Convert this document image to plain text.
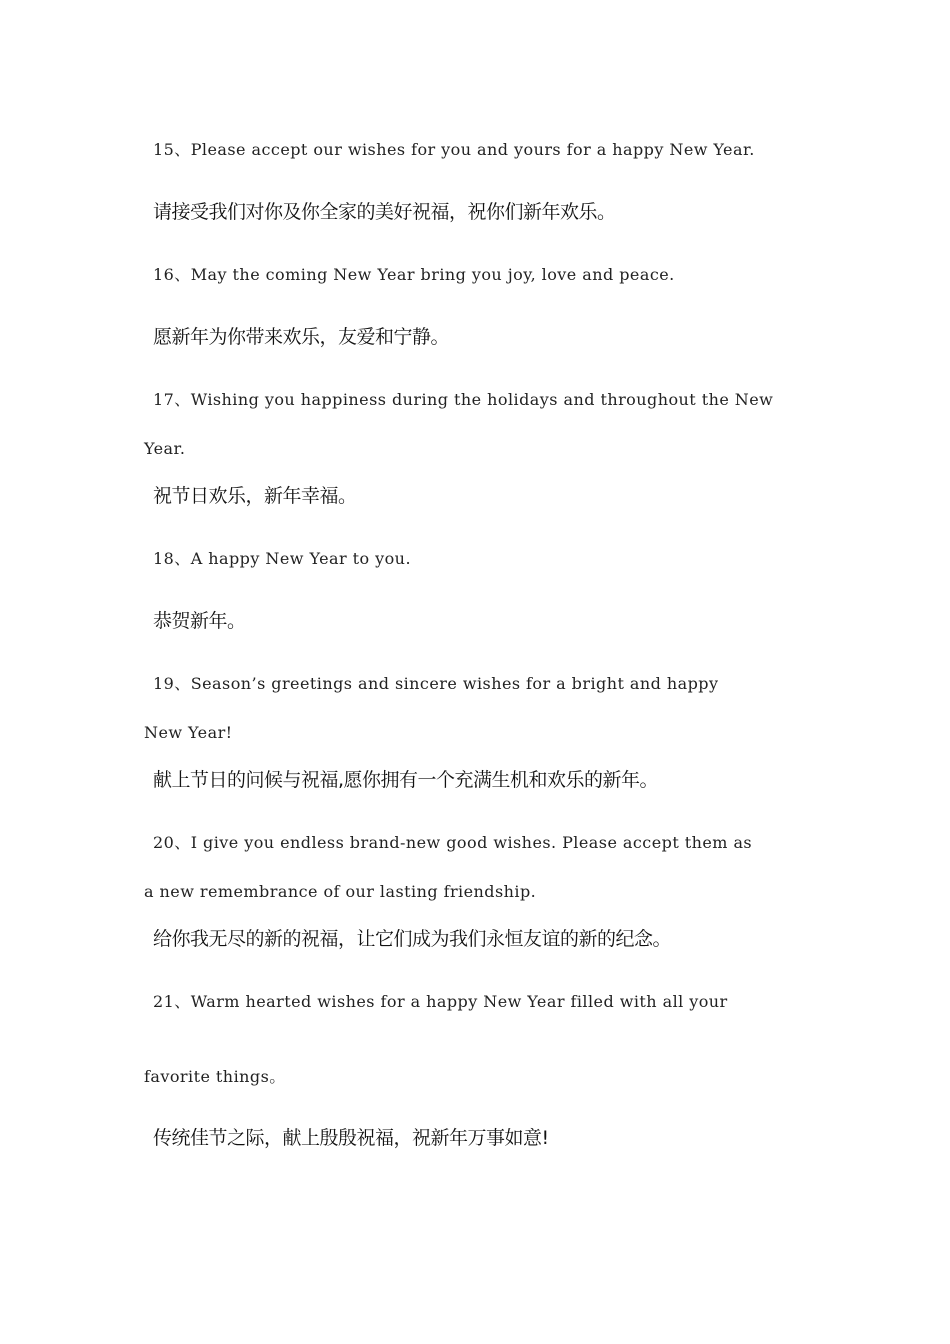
15、Please accept our wishes for you and yours for a happy New Year.
请接受我们对你及你全家的美好祝福，祝你们新年欢乐。
16、May the coming New Year bring you joy, love and peace.
愿新年为你带来欢乐，友爱和宁静。
17、Wishing you happiness during the holidays and throughout the New
Year.
祝节日欢乐，新年幸福。
18、A happy New Year to you.
恭贺新年。
19、Season’s greetings and sincere wishes for a bright and happy
New Year!
献上节日的问候与祝福,愿你拥有一个充满生机和欢乐的新年。
20、I give you endless brand-new good wishes. Please accept them as
a new remembrance of our lasting friendship.
给你我无尽的新的祝福，让它们成为我们永恒友谊的新的纪念。
21、Warm hearted wishes for a happy New Year filled with all your
favorite things。
传统佳节之际，献上殷殷祝福，祝新年万事如意!
